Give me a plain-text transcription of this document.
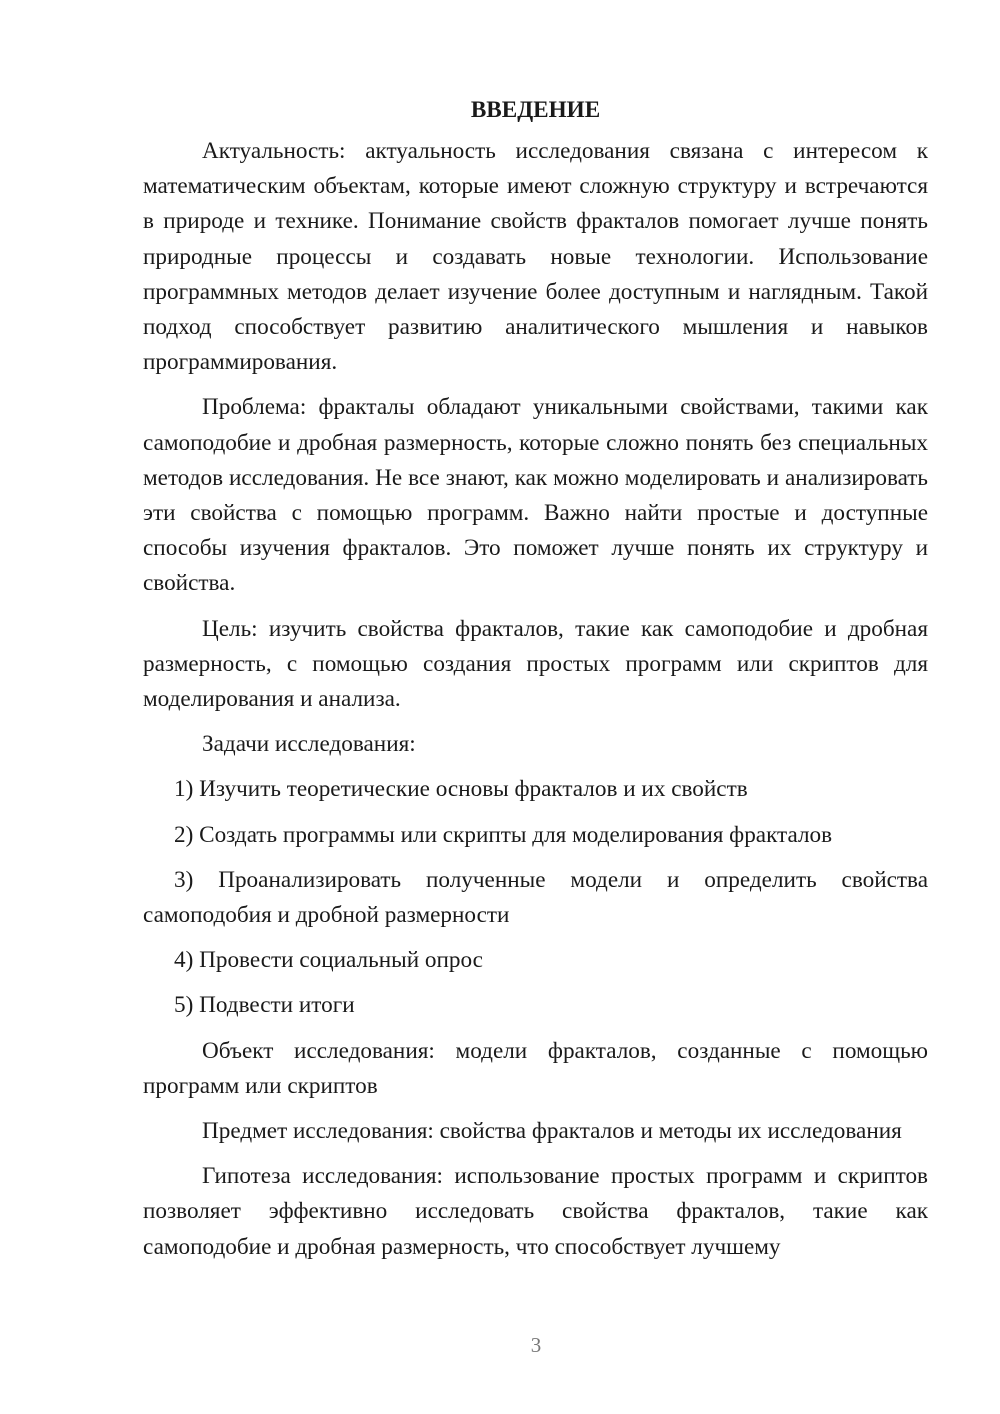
ВВЕДЕНИЕ

Актуальность: актуальность исследования связана с интересом к математическим объектам, которые имеют сложную структуру и встречаются в природе и технике. Понимание свойств фракталов помогает лучше понять природные процессы и создавать новые технологии. Использование программных методов делает изучение более доступным и наглядным. Такой подход способствует развитию аналитического мышления и навыков программирования.

Проблема: фракталы обладают уникальными свойствами, такими как самоподобие и дробная размерность, которые сложно понять без специальных методов исследования. Не все знают, как можно моделировать и анализировать эти свойства с помощью программ. Важно найти простые и доступные способы изучения фракталов. Это поможет лучше понять их структуру и свойства.

Цель: изучить свойства фракталов, такие как самоподобие и дробная размерность, с помощью создания простых программ или скриптов для моделирования и анализа.

Задачи исследования:

1) Изучить теоретические основы фракталов и их свойств

2) Создать программы или скрипты для моделирования фракталов

3) Проанализировать полученные модели и определить свойства самоподобия и дробной размерности

4) Провести социальный опрос

5) Подвести итоги

Объект исследования: модели фракталов, созданные с помощью программ или скриптов

Предмет исследования: свойства фракталов и методы их исследования

Гипотеза исследования: использование простых программ и скриптов позволяет эффективно исследовать свойства фракталов, такие как самоподобие и дробная размерность, что способствует лучшему

3
